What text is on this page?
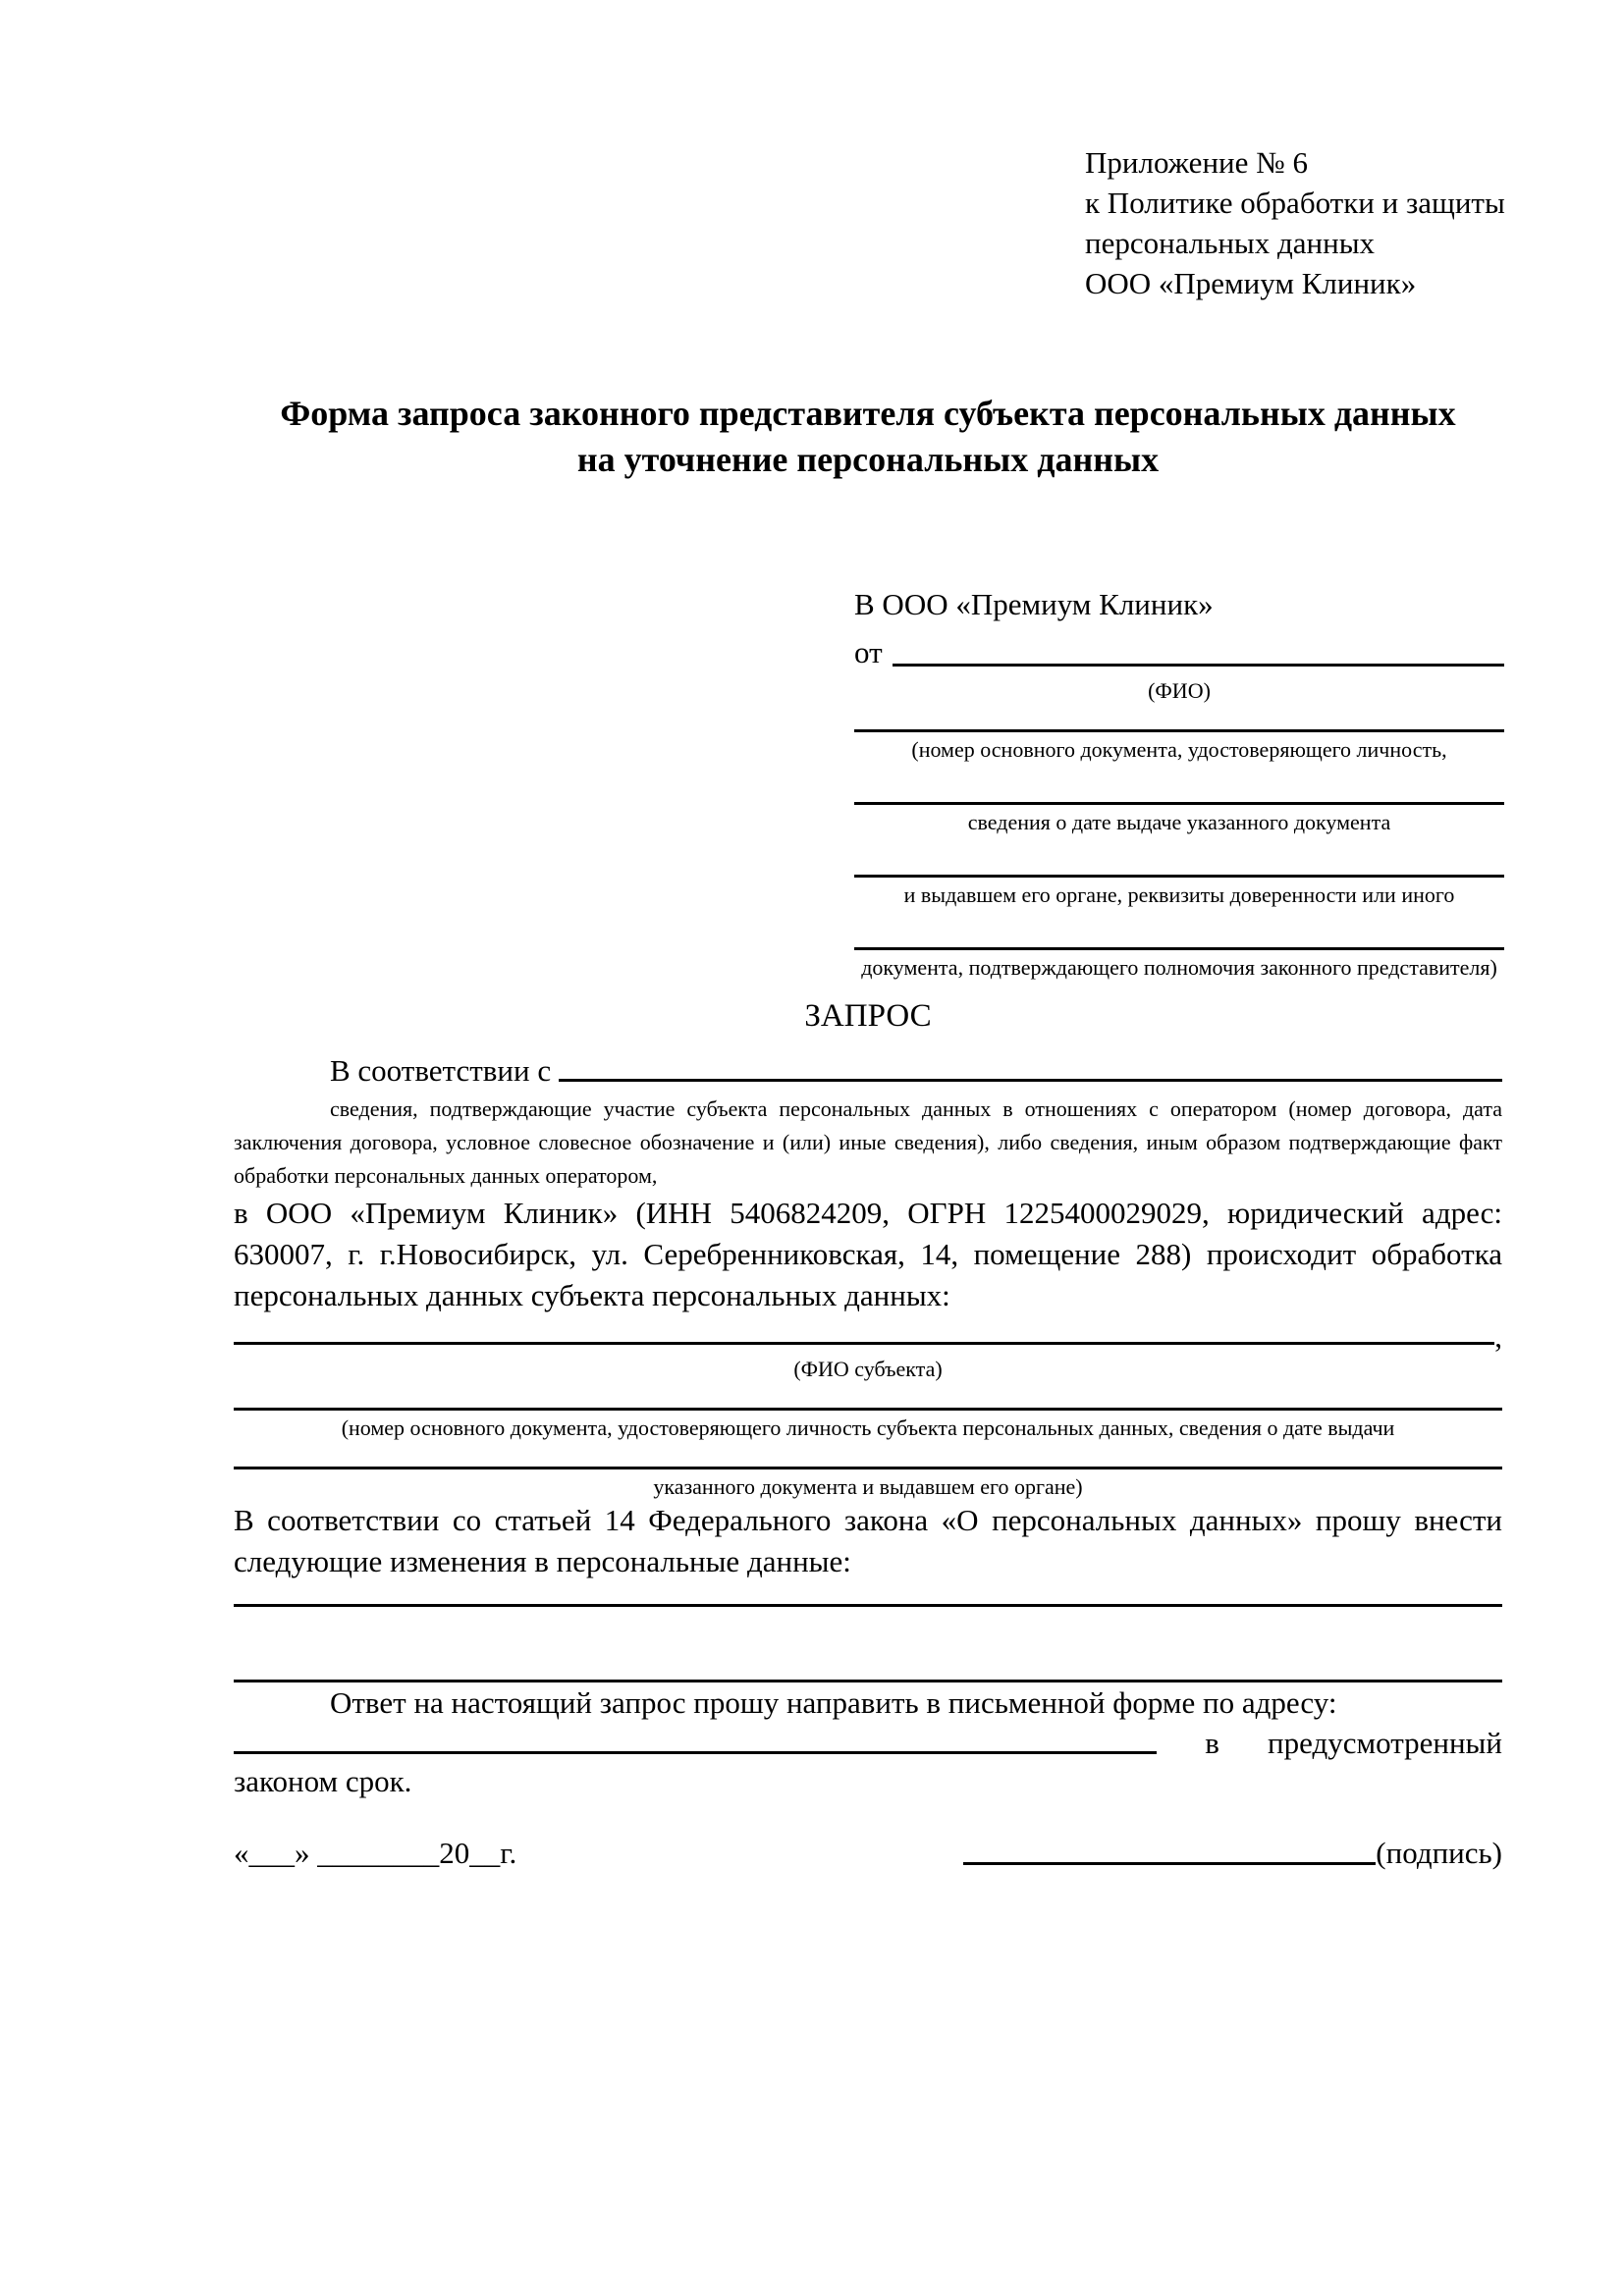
Приложение № 6
к Политике обработки и защиты
персональных данных
ООО «Премиум Клиник»
Форма запроса законного представителя субъекта персональных данных
на уточнение персональных данных
В ООО «Премиум Клиник»
от
(ФИО)
(номер основного документа, удостоверяющего личность,
сведения о дате выдаче указанного документа
и выдавшем его органе, реквизиты доверенности или иного
документа, подтверждающего полномочия законного представителя)
ЗАПРОС
В соответствии с
сведения, подтверждающие участие субъекта персональных данных в отношениях с оператором (номер договора, дата заключения договора, условное словесное обозначение и (или) иные сведения), либо сведения, иным образом подтверждающие факт обработки персональных данных оператором,

в ООО «Премиум Клиник» (ИНН 5406824209, ОГРН 1225400029029, юридический адрес: 630007, г. г.Новосибирск, ул. Серебренниковская, 14, помещение 288) происходит обработка персональных данных субъекта персональных данных:

,
(ФИО субъекта)
(номер основного документа, удостоверяющего личность субъекта персональных данных, сведения о дате выдачи
указанного документа и выдавшем его органе)

В соответствии со статьей 14 Федерального закона «О персональных данных» прошу внести следующие изменения в персональные данные:

Ответ на настоящий запрос прошу направить в письменной форме по адресу:

в предусмотренный

законом срок.

«___» ________20__г.	(подпись)
